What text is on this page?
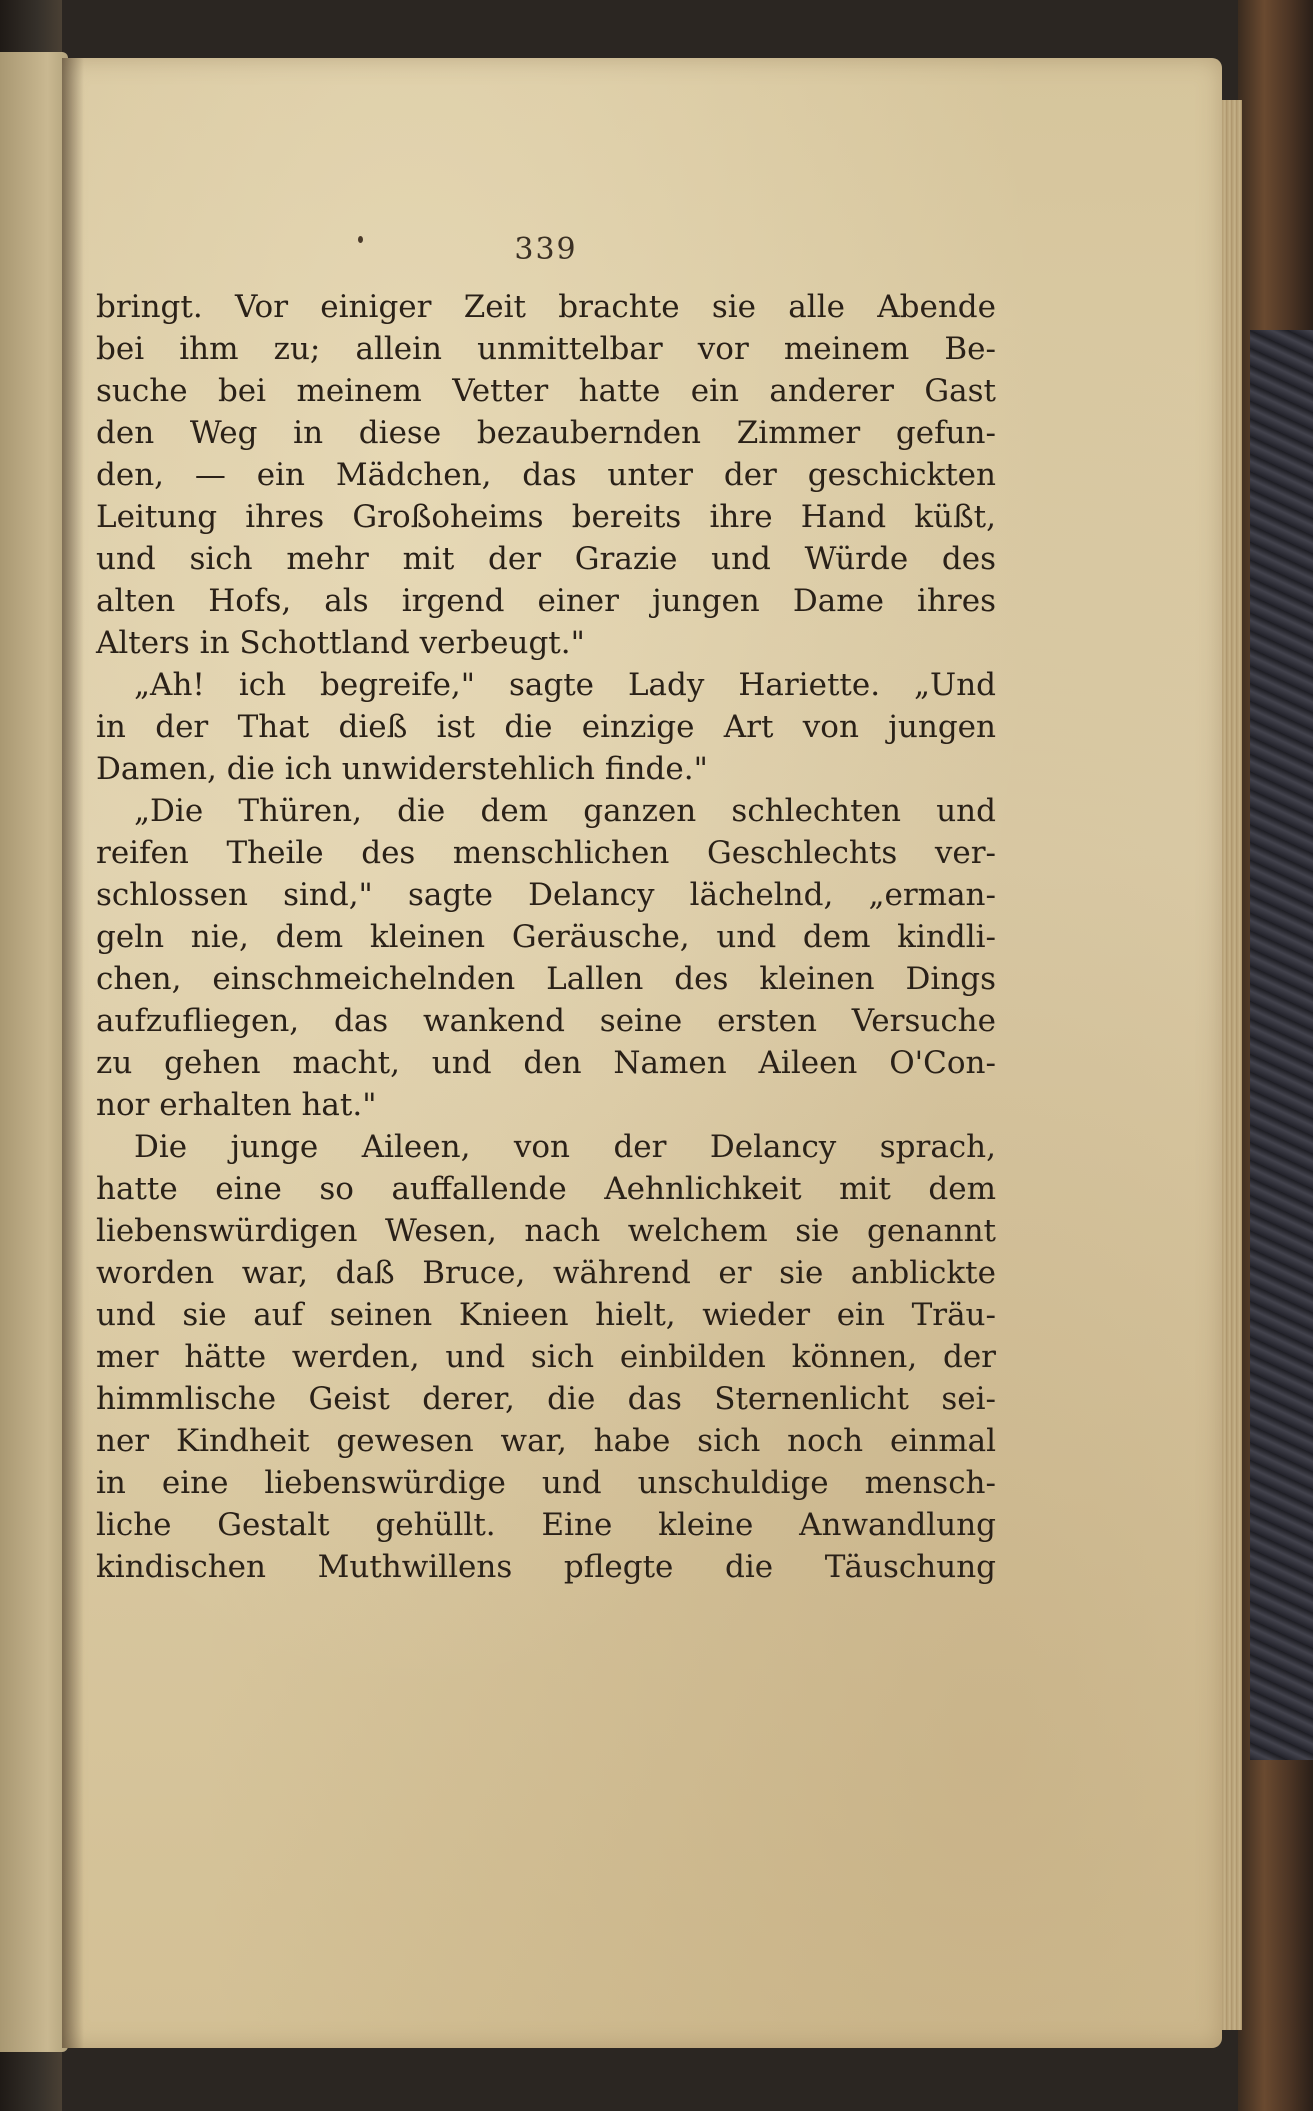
339
bringt. Vor einiger Zeit brachte sie alle Abende
bei ihm zu; allein unmittelbar vor meinem Be-
suche bei meinem Vetter hatte ein anderer Gast
den Weg in diese bezaubernden Zimmer gefun-
den, — ein Mädchen, das unter der geschickten
Leitung ihres Großoheims bereits ihre Hand küßt,
und sich mehr mit der Grazie und Würde des
alten Hofs, als irgend einer jungen Dame ihres
Alters in Schottland verbeugt."
„Ah! ich begreife," sagte Lady Hariette. „Und
in der That dieß ist die einzige Art von jungen
Damen, die ich unwiderstehlich finde."
„Die Thüren, die dem ganzen schlechten und
reifen Theile des menschlichen Geschlechts ver-
schlossen sind," sagte Delancy lächelnd, „erman-
geln nie, dem kleinen Geräusche, und dem kindli-
chen, einschmeichelnden Lallen des kleinen Dings
aufzufliegen, das wankend seine ersten Versuche
zu gehen macht, und den Namen Aileen O'Con-
nor erhalten hat."
Die junge Aileen, von der Delancy sprach,
hatte eine so auffallende Aehnlichkeit mit dem
liebenswürdigen Wesen, nach welchem sie genannt
worden war, daß Bruce, während er sie anblickte
und sie auf seinen Knieen hielt, wieder ein Träu-
mer hätte werden, und sich einbilden können, der
himmlische Geist derer, die das Sternenlicht sei-
ner Kindheit gewesen war, habe sich noch einmal
in eine liebenswürdige und unschuldige mensch-
liche Gestalt gehüllt. Eine kleine Anwandlung
kindischen Muthwillens pflegte die Täuschung
